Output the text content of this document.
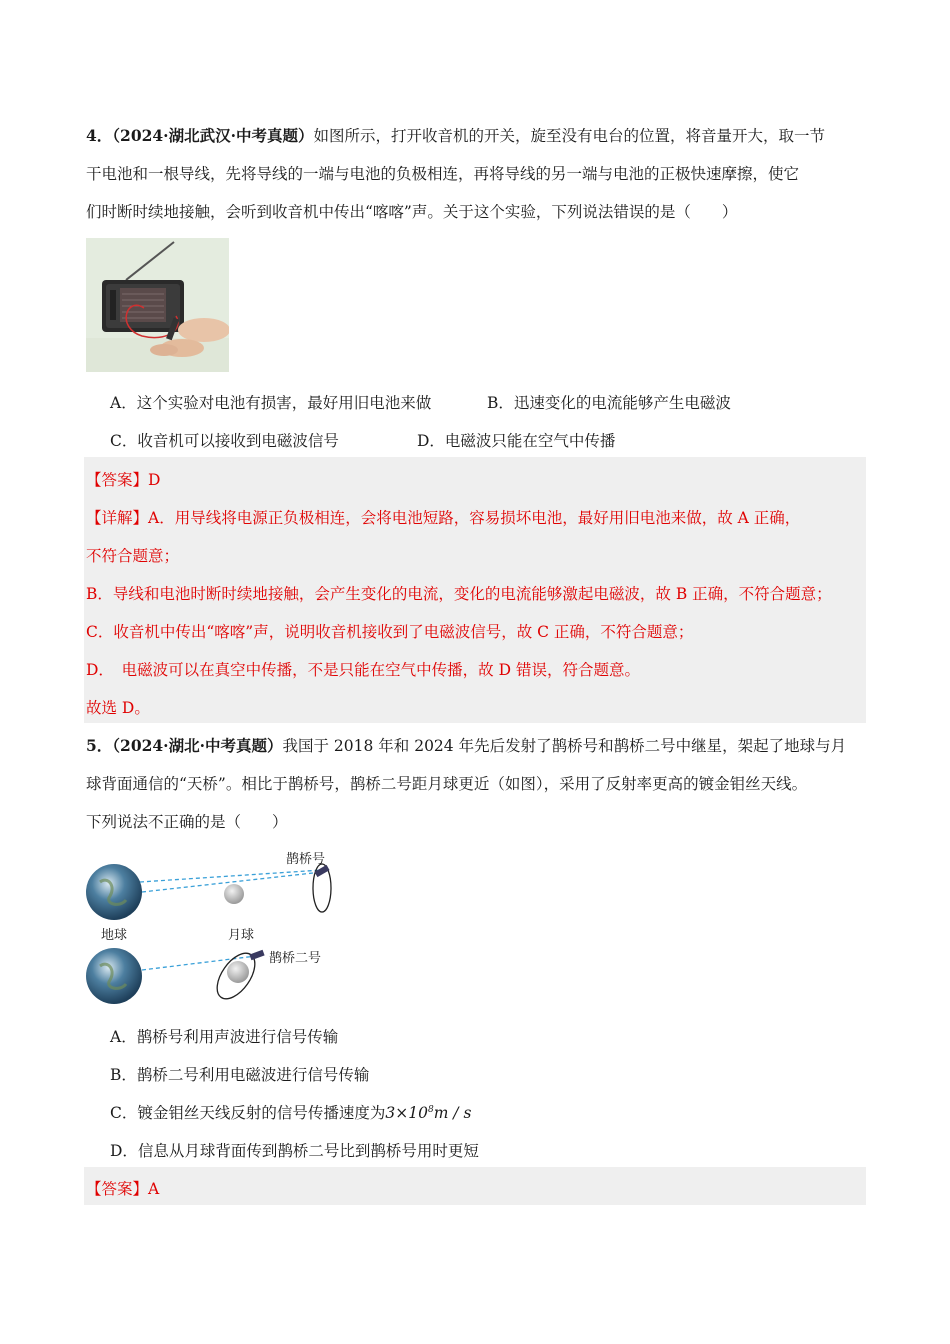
4．（2024·湖北武汉·中考真题）如图所示，打开收音机的开关，旋至没有电台的位置，将音量开大，取一节
干电池和一根导线，先将导线的一端与电池的负极相连，再将导线的另一端与电池的正极快速摩擦，使它
们时断时续地接触，会听到收音机中传出“喀喀”声。关于这个实验，下列说法错误的是（　　）
A．这个实验对电池有损害，最好用旧电池来做	B．迅速变化的电流能够产生电磁波
C．收音机可以接收到电磁波信号	D．电磁波只能在空气中传播
【答案】D
【详解】A．用导线将电源正负极相连，会将电池短路，容易损坏电池，最好用旧电池来做，故 A 正确，
不符合题意；
B．导线和电池时断时续地接触，会产生变化的电流，变化的电流能够激起电磁波，故 B 正确，不符合题意；
C．收音机中传出“喀喀”声，说明收音机接收到了电磁波信号，故 C 正确，不符合题意；
D．　电磁波可以在真空中传播，不是只能在空气中传播，故 D 错误，符合题意。
故选 D。
5．（2024·湖北·中考真题）我国于 2018 年和 2024 年先后发射了鹊桥号和鹊桥二号中继星，架起了地球与月
球背面通信的“天桥”。相比于鹊桥号，鹊桥二号距月球更近（如图），采用了反射率更高的镀金钼丝天线。
下列说法不正确的是（　　）
鹊桥号
地球	月球
鹊桥二号
A．鹊桥号利用声波进行信号传输
B．鹊桥二号利用电磁波进行信号传输
C．镀金钼丝天线反射的信号传播速度为$3\times 10^8m / s$
D．信息从月球背面传到鹊桥二号比到鹊桥号用时更短
【答案】A
